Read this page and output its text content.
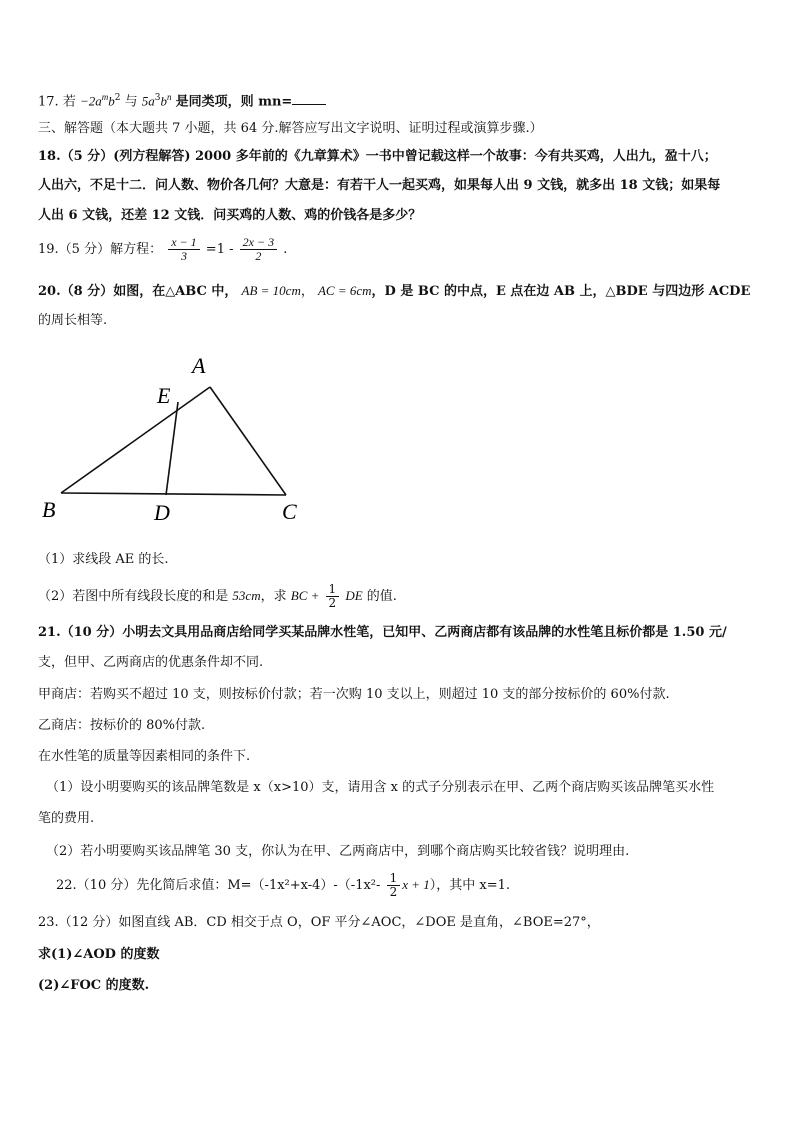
17. 若 $-2a^mb^2$ 与 $5a^3b^n$ 是同类项，则 mn=
三、解答题（本大题共 7 小题，共 64 分.解答应写出文字说明、证明过程或演算步骤.）
18.（5 分）(列方程解答) 2000 多年前的《九章算术》一书中曾记载这样一个故事：今有共买鸡，人出九，盈十八；
人出六，不足十二．问人数、物价各几何？大意是：有若干人一起买鸡，如果每人出 9 文钱，就多出 18 文钱；如果每
人出 6 文钱，还差 12 文钱．问买鸡的人数、鸡的价钱各是多少？
19.（5 分）解方程： $\frac{x - 1}{3} =1 - \frac{2x - 3}{2}$ .
20.（8 分）如图，在△ABC 中， AB = 10cm， AC = 6cm，D 是 BC 的中点，E 点在边 AB 上，△BDE 与四边形 ACDE
的周长相等.
A
E
B	D	C
（1）求线段 AE 的长.
（2）若图中所有线段长度的和是 53cm，求 BC + $\frac{1}{2}$ DE 的值.
21.（10 分）小明去文具用品商店给同学买某品牌水性笔，已知甲、乙两商店都有该品牌的水性笔且标价都是 1.50 元/
支，但甲、乙两商店的优惠条件却不同.
甲商店：若购买不超过 10 支，则按标价付款；若一次购 10 支以上，则超过 10 支的部分按标价的 60%付款.
乙商店：按标价的 80%付款.
在水性笔的质量等因素相同的条件下.
（1）设小明要购买的该品牌笔数是 x（x>10）支，请用含 x 的式子分别表示在甲、乙两个商店购买该品牌笔买水性
笔的费用.
（2）若小明要购买该品牌笔 30 支，你认为在甲、乙两商店中，到哪个商店购买比较省钱？说明理由.
22.（10 分）先化简后求值：$M=(-1x^2+x-4)-(-1x^2- \frac{1}{2}$ x + 1），其中 x=1.
23.（12 分）如图直线 AB．CD 相交于点 O，OF 平分∠AOC，∠DOE 是直角，∠BOE=27°，
求(1)∠AOD 的度数
(2)∠FOC 的度数.
